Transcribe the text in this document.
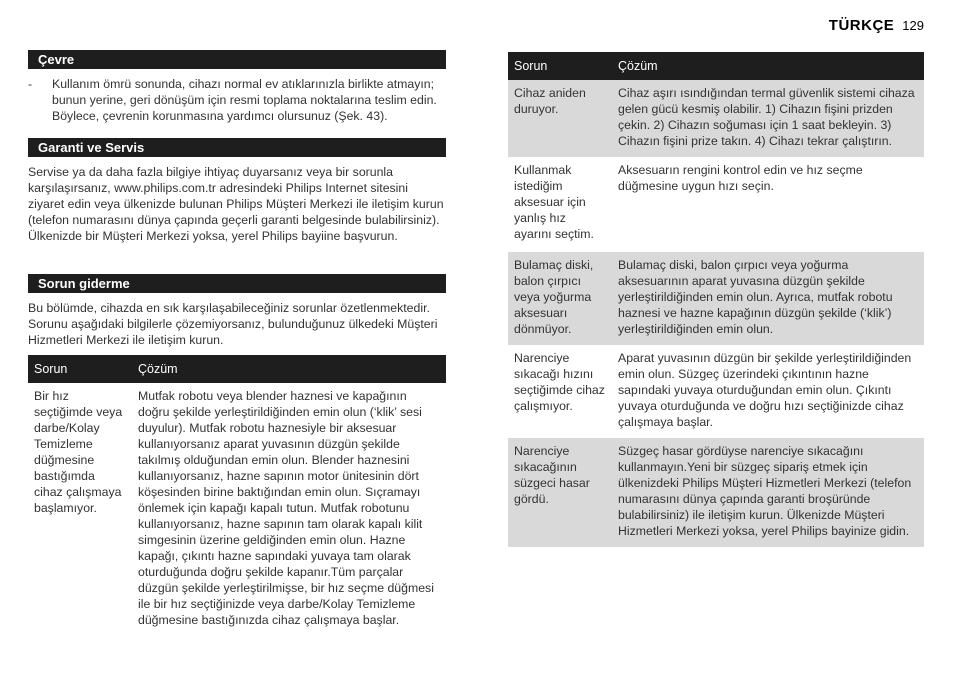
TÜRKÇE 129
Çevre
- Kullanım ömrü sonunda, cihazı normal ev atıklarınızla birlikte atmayın; bunun yerine, geri dönüşüm için resmi toplama noktalarına teslim edin. Böylece, çevrenin korunmasına yardımcı olursunuz (Şek. 43).
Garanti ve Servis
Servise ya da daha fazla bilgiye ihtiyaç duyarsanız veya bir sorunla karşılaşırsanız, www.philips.com.tr adresindeki Philips Internet sitesini ziyaret edin veya ülkenizde bulunan Philips Müşteri Merkezi ile iletişim kurun (telefon numarasını dünya çapında geçerli garanti belgesinde bulabilirsiniz). Ülkenizde bir Müşteri Merkezi yoksa, yerel Philips bayiine başvurun.
Sorun giderme
Bu bölümde, cihazda en sık karşılaşabileceğiniz sorunlar özetlenmektedir. Sorunu aşağıdaki bilgilerle çözemiyorsanız, bulunduğunuz ülkedeki Müşteri Hizmetleri Merkezi ile iletişim kurun.
Sorun	Çözüm
Bir hız seçtiğimde veya darbe/Kolay Temizleme düğmesine bastığımda cihaz çalışmaya başlamıyor.	Mutfak robotu veya blender haznesi ve kapağının doğru şekilde yerleştirildiğinden emin olun (‘klik’ sesi duyulur). Mutfak robotu haznesiyle bir aksesuar kullanıyorsanız aparat yuvasının düzgün şekilde takılmış olduğundan emin olun. Blender haznesini kullanıyorsanız, hazne sapının motor ünitesinin dört köşesinden birine baktığından emin olun. Sıçramayı önlemek için kapağı kapalı tutun. Mutfak robotunu kullanıyorsanız, hazne sapının tam olarak kapalı kilit simgesinin üzerine geldiğinden emin olun. Hazne kapağı, çıkıntı hazne sapındaki yuvaya tam olarak oturduğunda doğru şekilde kapanır.Tüm parçalar düzgün şekilde yerleştirilmişse, bir hız seçme düğmesi ile bir hız seçtiğinizde veya darbe/Kolay Temizleme düğmesine bastığınızda cihaz çalışmaya başlar.
Sorun	Çözüm
Cihaz aniden duruyor.	Cihaz aşırı ısındığından termal güvenlik sistemi cihaza gelen gücü kesmiş olabilir. 1) Cihazın fişini prizden çekin. 2) Cihazın soğuması için 1 saat bekleyin. 3) Cihazın fişini prize takın. 4) Cihazı tekrar çalıştırın.
Kullanmak istediğim aksesuar için yanlış hız ayarını seçtim.	Aksesuarın rengini kontrol edin ve hız seçme düğmesine uygun hızı seçin.
Bulamaç diski, balon çırpıcı veya yoğurma aksesuarı dönmüyor.	Bulamaç diski, balon çırpıcı veya yoğurma aksesuarının aparat yuvasına düzgün şekilde yerleştirildiğinden emin olun. Ayrıca, mutfak robotu haznesi ve hazne kapağının düzgün şekilde (‘klik’) yerleştirildiğinden emin olun.
Narenciye sıkacağı hızını seçtiğimde cihaz çalışmıyor.	Aparat yuvasının düzgün bir şekilde yerleştirildiğinden emin olun. Süzgeç üzerindeki çıkıntının hazne sapındaki yuvaya oturduğundan emin olun. Çıkıntı yuvaya oturduğunda ve doğru hızı seçtiğinizde cihaz çalışmaya başlar.
Narenciye sıkacağının süzgeci hasar gördü.	Süzgeç hasar gördüyse narenciye sıkacağını kullanmayın.Yeni bir süzgeç sipariş etmek için ülkenizdeki Philips Müşteri Hizmetleri Merkezi (telefon numarasını dünya çapında garanti broşüründe bulabilirsiniz) ile iletişim kurun. Ülkenizde Müşteri Hizmetleri Merkezi yoksa, yerel Philips bayinize gidin.
